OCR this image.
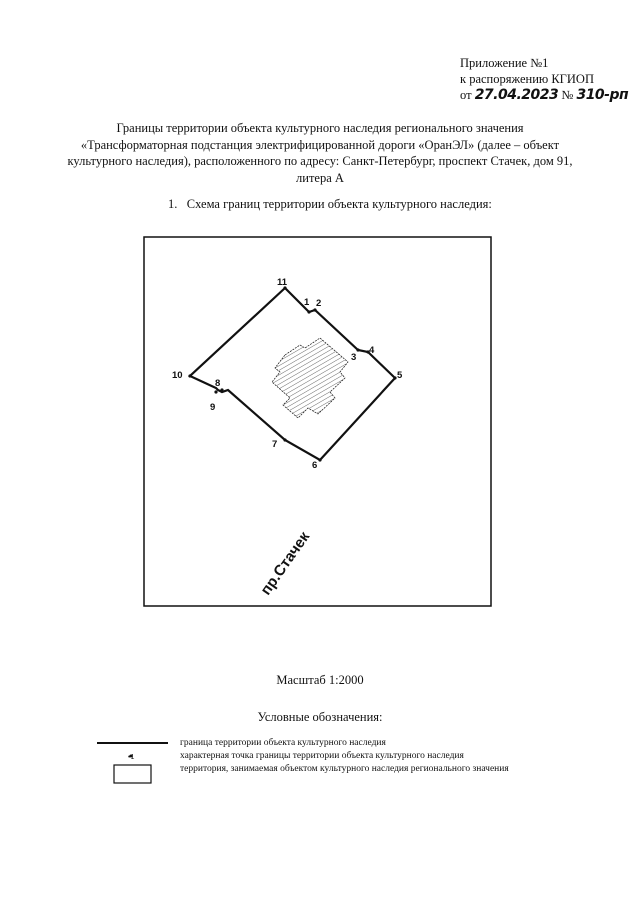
Приложение №1
к распоряжению КГИОП
от 27.04.2023 № 310-рп
Границы территории объекта культурного наследия регионального значения
«Трансформаторная подстанция электрифицированной дороги «ОранЭЛ» (далее – объект
культурного наследия), расположенного по адресу: Санкт-Петербург, проспект Стачек, дом 91,
литера А
1.   Схема границ территории объекта культурного наследия:
1 2
3
4
5
6
7
8
9
10
11
пр.Стачек
Масштаб 1:2000
Условные обозначения:
•1
граница территории объекта культурного наследия
характерная точка границы территории объекта культурного наследия
территория, занимаемая объектом культурного наследия регионального значения
